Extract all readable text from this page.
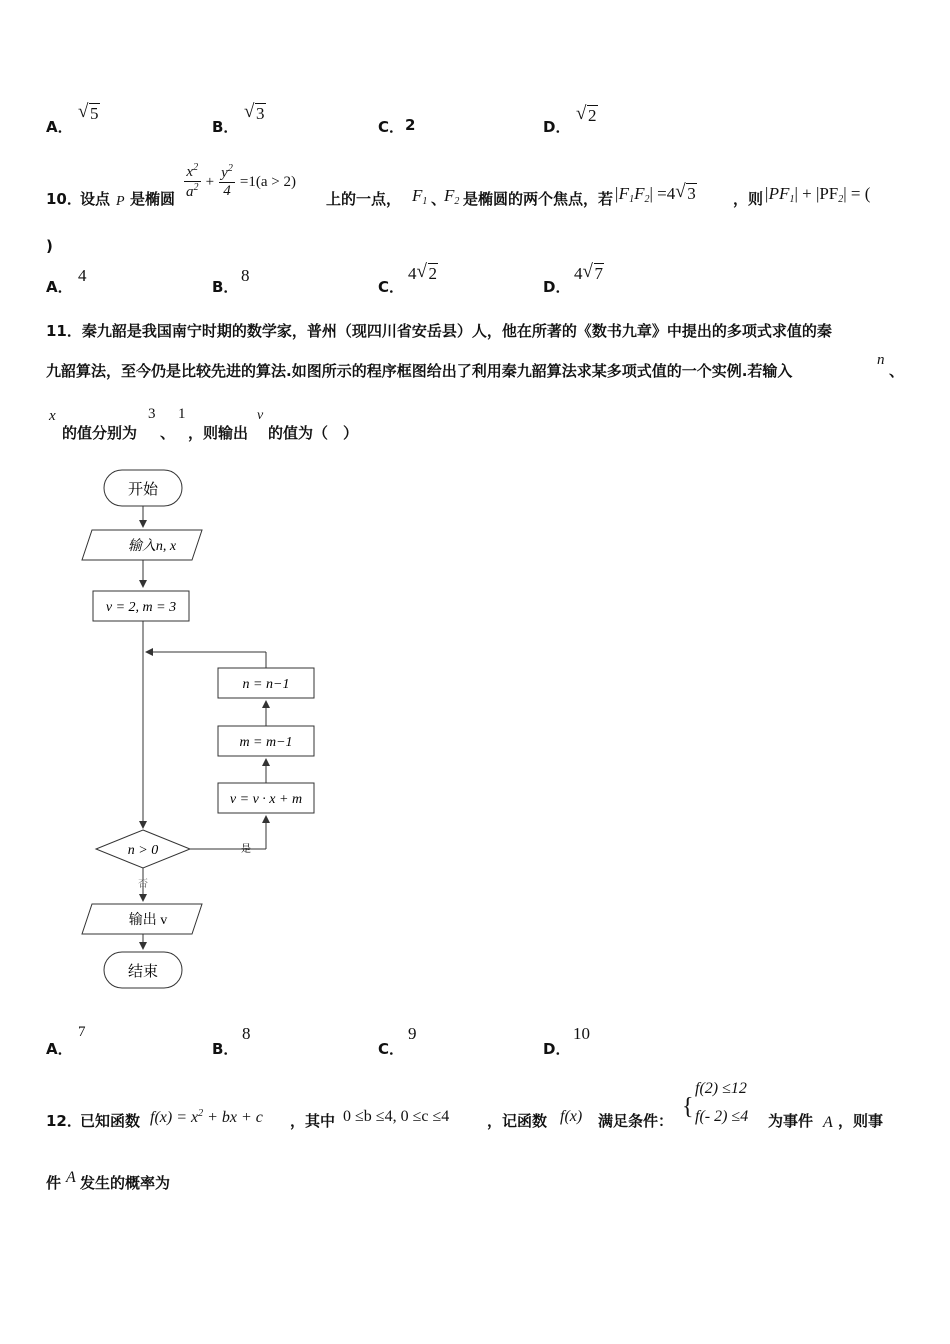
A．
√ 5
B．
√ 3
C． 2	D．
√ 2
10．
设点 P 是椭圆 $\frac{x^2}{a^2} + \frac{y^2}{4} =1(a > 2)$
上的一点， $F_1$ 、
$F_2$ 是椭圆的两个焦点，若 $|F_1F_2| =4$ √ 3 ，则 $|PF_1| + |PF_2|$ = (
)
A．
4
B．
8
C．
4 √ 2
D．
4 √ 7
11．秦九韶是我国南宁时期的数学家，普州（现四川省安岳县）人，他在所著的《数书九章》中提出的多项式求值的秦
九韶算法，至今仍是比较先进的算法.如图所示的程序框图给出了利用秦九韶算法求某多项式值的一个实例.若输入
n
、
x
的值分别为
3
、
1
，则输出
v
的值为（　）
开始
输入n, x
v = 2, m = 3
n = n−1
m = m−1
v = v · x + m
n > 0	是
否
输出 v
结束
A．
7
B．
8
C．
9
D．
10
12．
已知函数 $f(x) = x^2$ + bx + c ，其中 0 ≤b ≤4, 0 ≤c ≤4	，记函数 f(x) 满足条件：
{
f(2) ≤12
f(- 2) ≤4 为事件 A ，则事
件 A 发生的概率为
